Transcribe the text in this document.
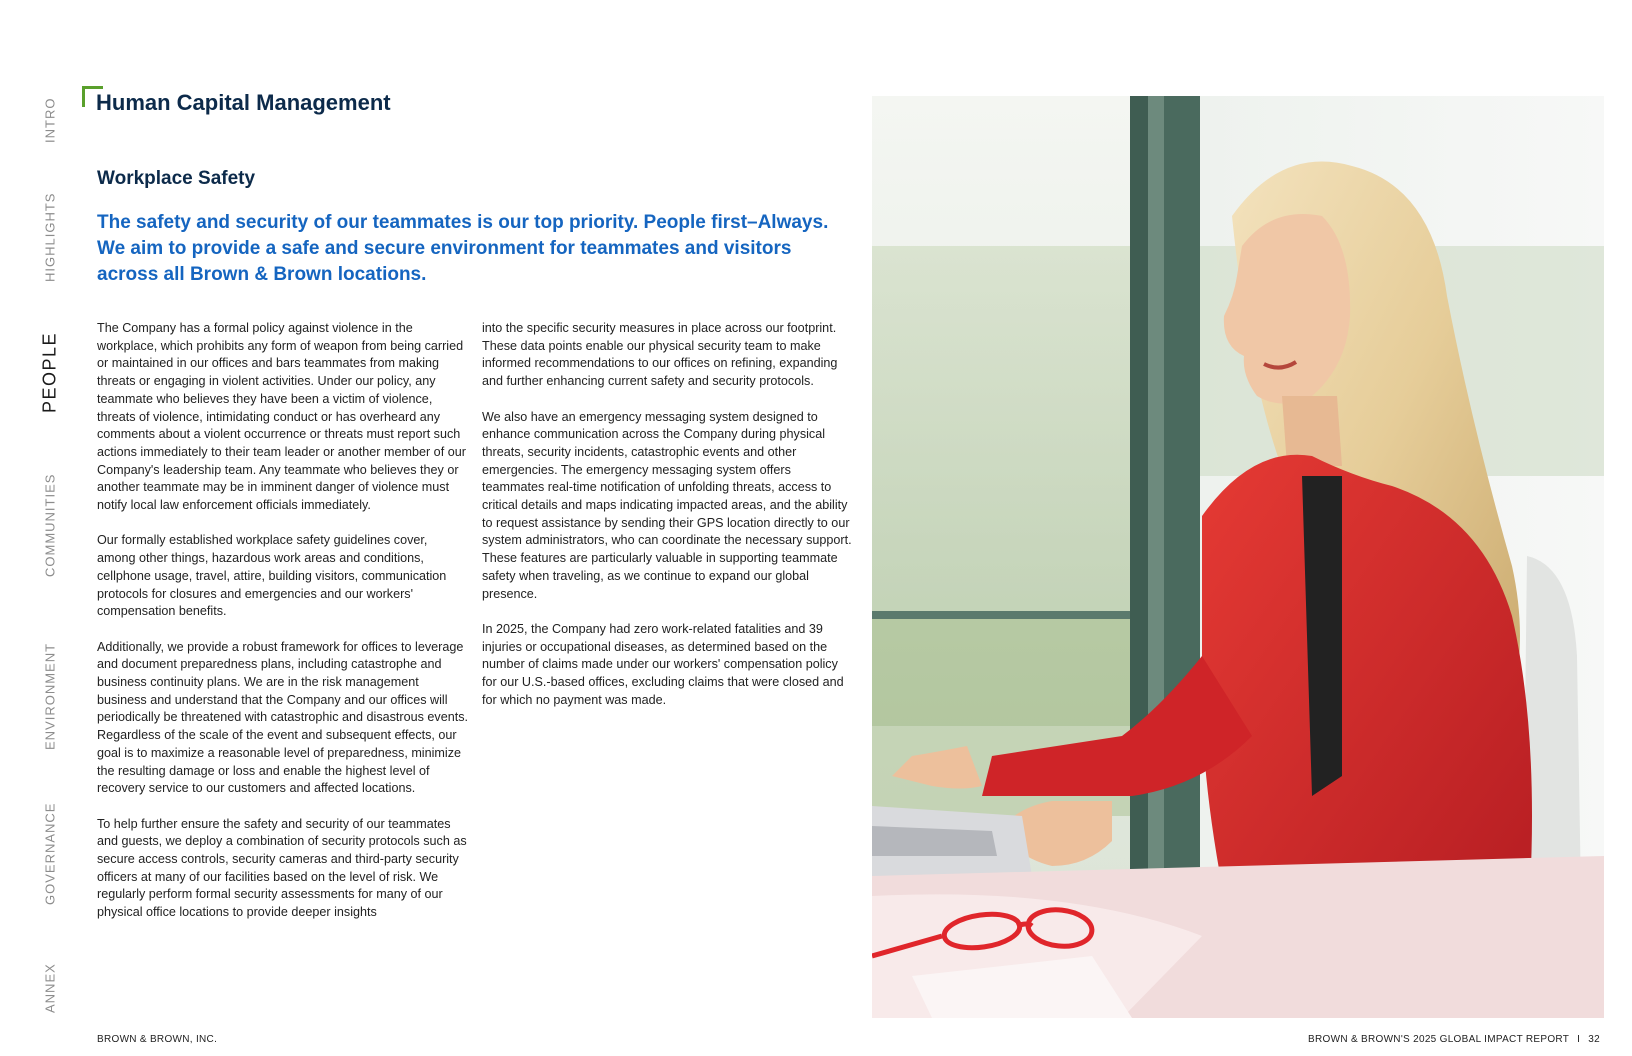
INTRO
HIGHLIGHTS
PEOPLE
COMMUNITIES
ENVIRONMENT
GOVERNANCE
ANNEX
Human Capital Management
Workplace Safety

The safety and security of our teammates is our top priority. People first–Always. We aim to provide a safe and secure environment for teammates and visitors across all Brown & Brown locations.

The Company has a formal policy against violence in the workplace, which prohibits any form of weapon from being carried or maintained in our offices and bars teammates from making threats or engaging in violent activities. Under our policy, any teammate who believes they have been a victim of violence, threats of violence, intimidating conduct or has overheard any comments about a violent occurrence or threats must report such actions immediately to their team leader or another member of our Company's leadership team. Any teammate who believes they or another teammate may be in imminent danger of violence must notify local law enforcement officials immediately.

Our formally established workplace safety guidelines cover, among other things, hazardous work areas and conditions, cellphone usage, travel, attire, building visitors, communication protocols for closures and emergencies and our workers' compensation benefits.

Additionally, we provide a robust framework for offices to leverage and document preparedness plans, including catastrophe and business continuity plans. We are in the risk management business and understand that the Company and our offices will periodically be threatened with catastrophic and disastrous events. Regardless of the scale of the event and subsequent effects, our goal is to maximize a reasonable level of preparedness, minimize the resulting damage or loss and enable the highest level of recovery service to our customers and affected locations.

To help further ensure the safety and security of our teammates and guests, we deploy a combination of security protocols such as secure access controls, security cameras and third-party security officers at many of our facilities based on the level of risk. We regularly perform formal security assessments for many of our physical office locations to provide deeper insights

into the specific security measures in place across our footprint. These data points enable our physical security team to make informed recommendations to our offices on refining, expanding and further enhancing current safety and security protocols.

We also have an emergency messaging system designed to enhance communication across the Company during physical threats, security incidents, catastrophic events and other emergencies. The emergency messaging system offers teammates real-time notification of unfolding threats, access to critical details and maps indicating impacted areas, and the ability to request assistance by sending their GPS location directly to our system administrators, who can coordinate the necessary support. These features are particularly valuable in supporting teammate safety when traveling, as we continue to expand our global presence.

In 2025, the Company had zero work-related fatalities and 39 injuries or occupational diseases, as determined based on the number of claims made under our workers' compensation policy for our U.S.-based offices, excluding claims that were closed and for which no payment was made.

BROWN & BROWN, INC.	BROWN & BROWN'S 2025 GLOBAL IMPACT REPORT I 32
